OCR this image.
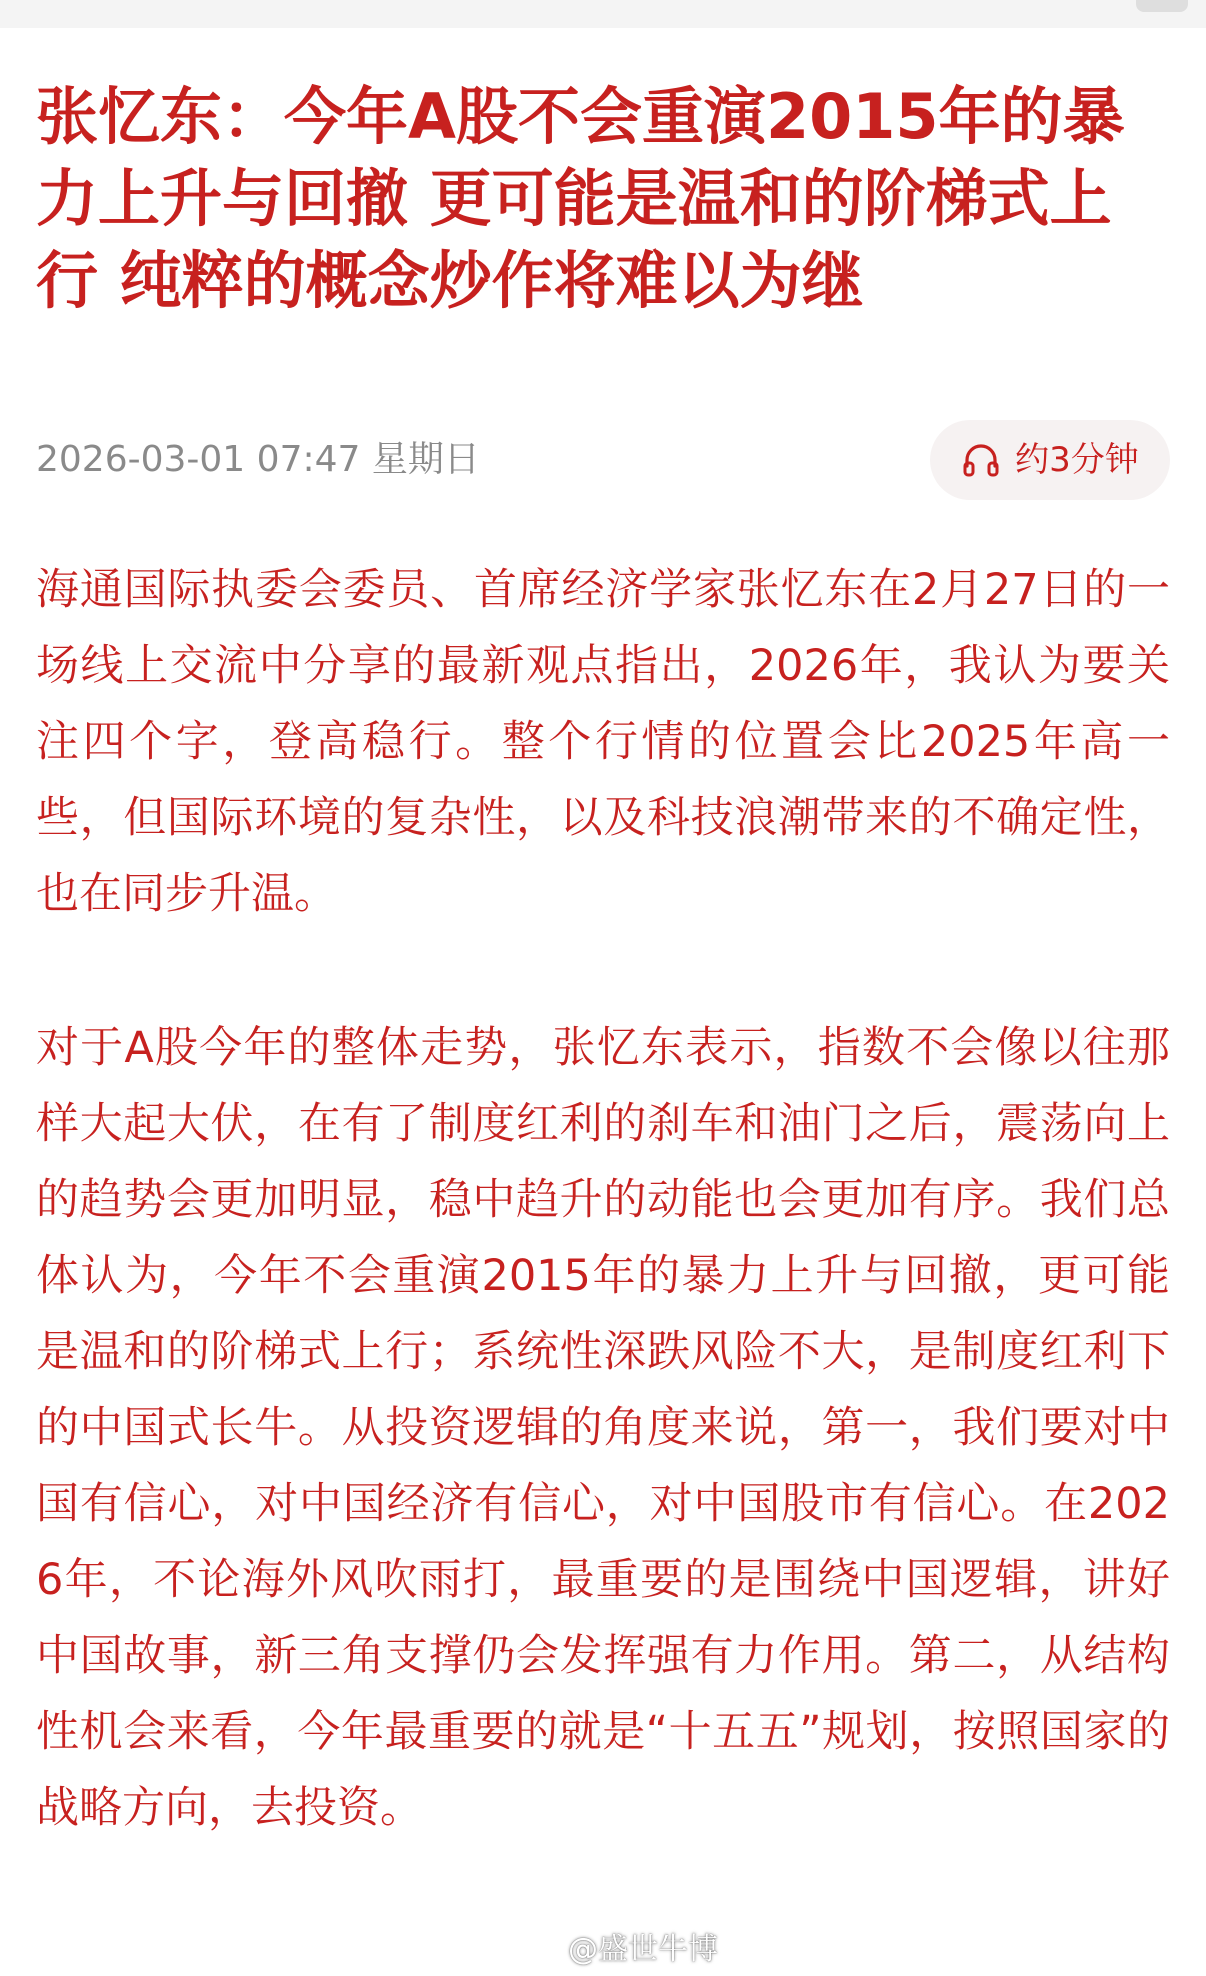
张忆东：今年A股不会重演2015年的暴力上升与回撤 更可能是温和的阶梯式上行 纯粹的概念炒作将难以为继
2026-03-01 07:47 星期日	约3分钟

海通国际执委会委员、首席经济学家张忆东在2月27日的一场线上交流中分享的最新观点指出，2026年，我认为要关注四个字，登高稳行。整个行情的位置会比2025年高一些，但国际环境的复杂性，以及科技浪潮带来的不确定性，也在同步升温。

对于A股今年的整体走势，张忆东表示，指数不会像以往那样大起大伏，在有了制度红利的刹车和油门之后，震荡向上的趋势会更加明显，稳中趋升的动能也会更加有序。我们总体认为，今年不会重演2015年的暴力上升与回撤，更可能是温和的阶梯式上行；系统性深跌风险不大，是制度红利下的中国式长牛。从投资逻辑的角度来说，第一，我们要对中国有信心，对中国经济有信心，对中国股市有信心。在2026年，不论海外风吹雨打，最重要的是围绕中国逻辑，讲好中国故事，新三角支撑仍会发挥强有力作用。第二，从结构性机会来看，今年最重要的就是“十五五”规划，按照国家的战略方向，去投资。

@盛世牛博
